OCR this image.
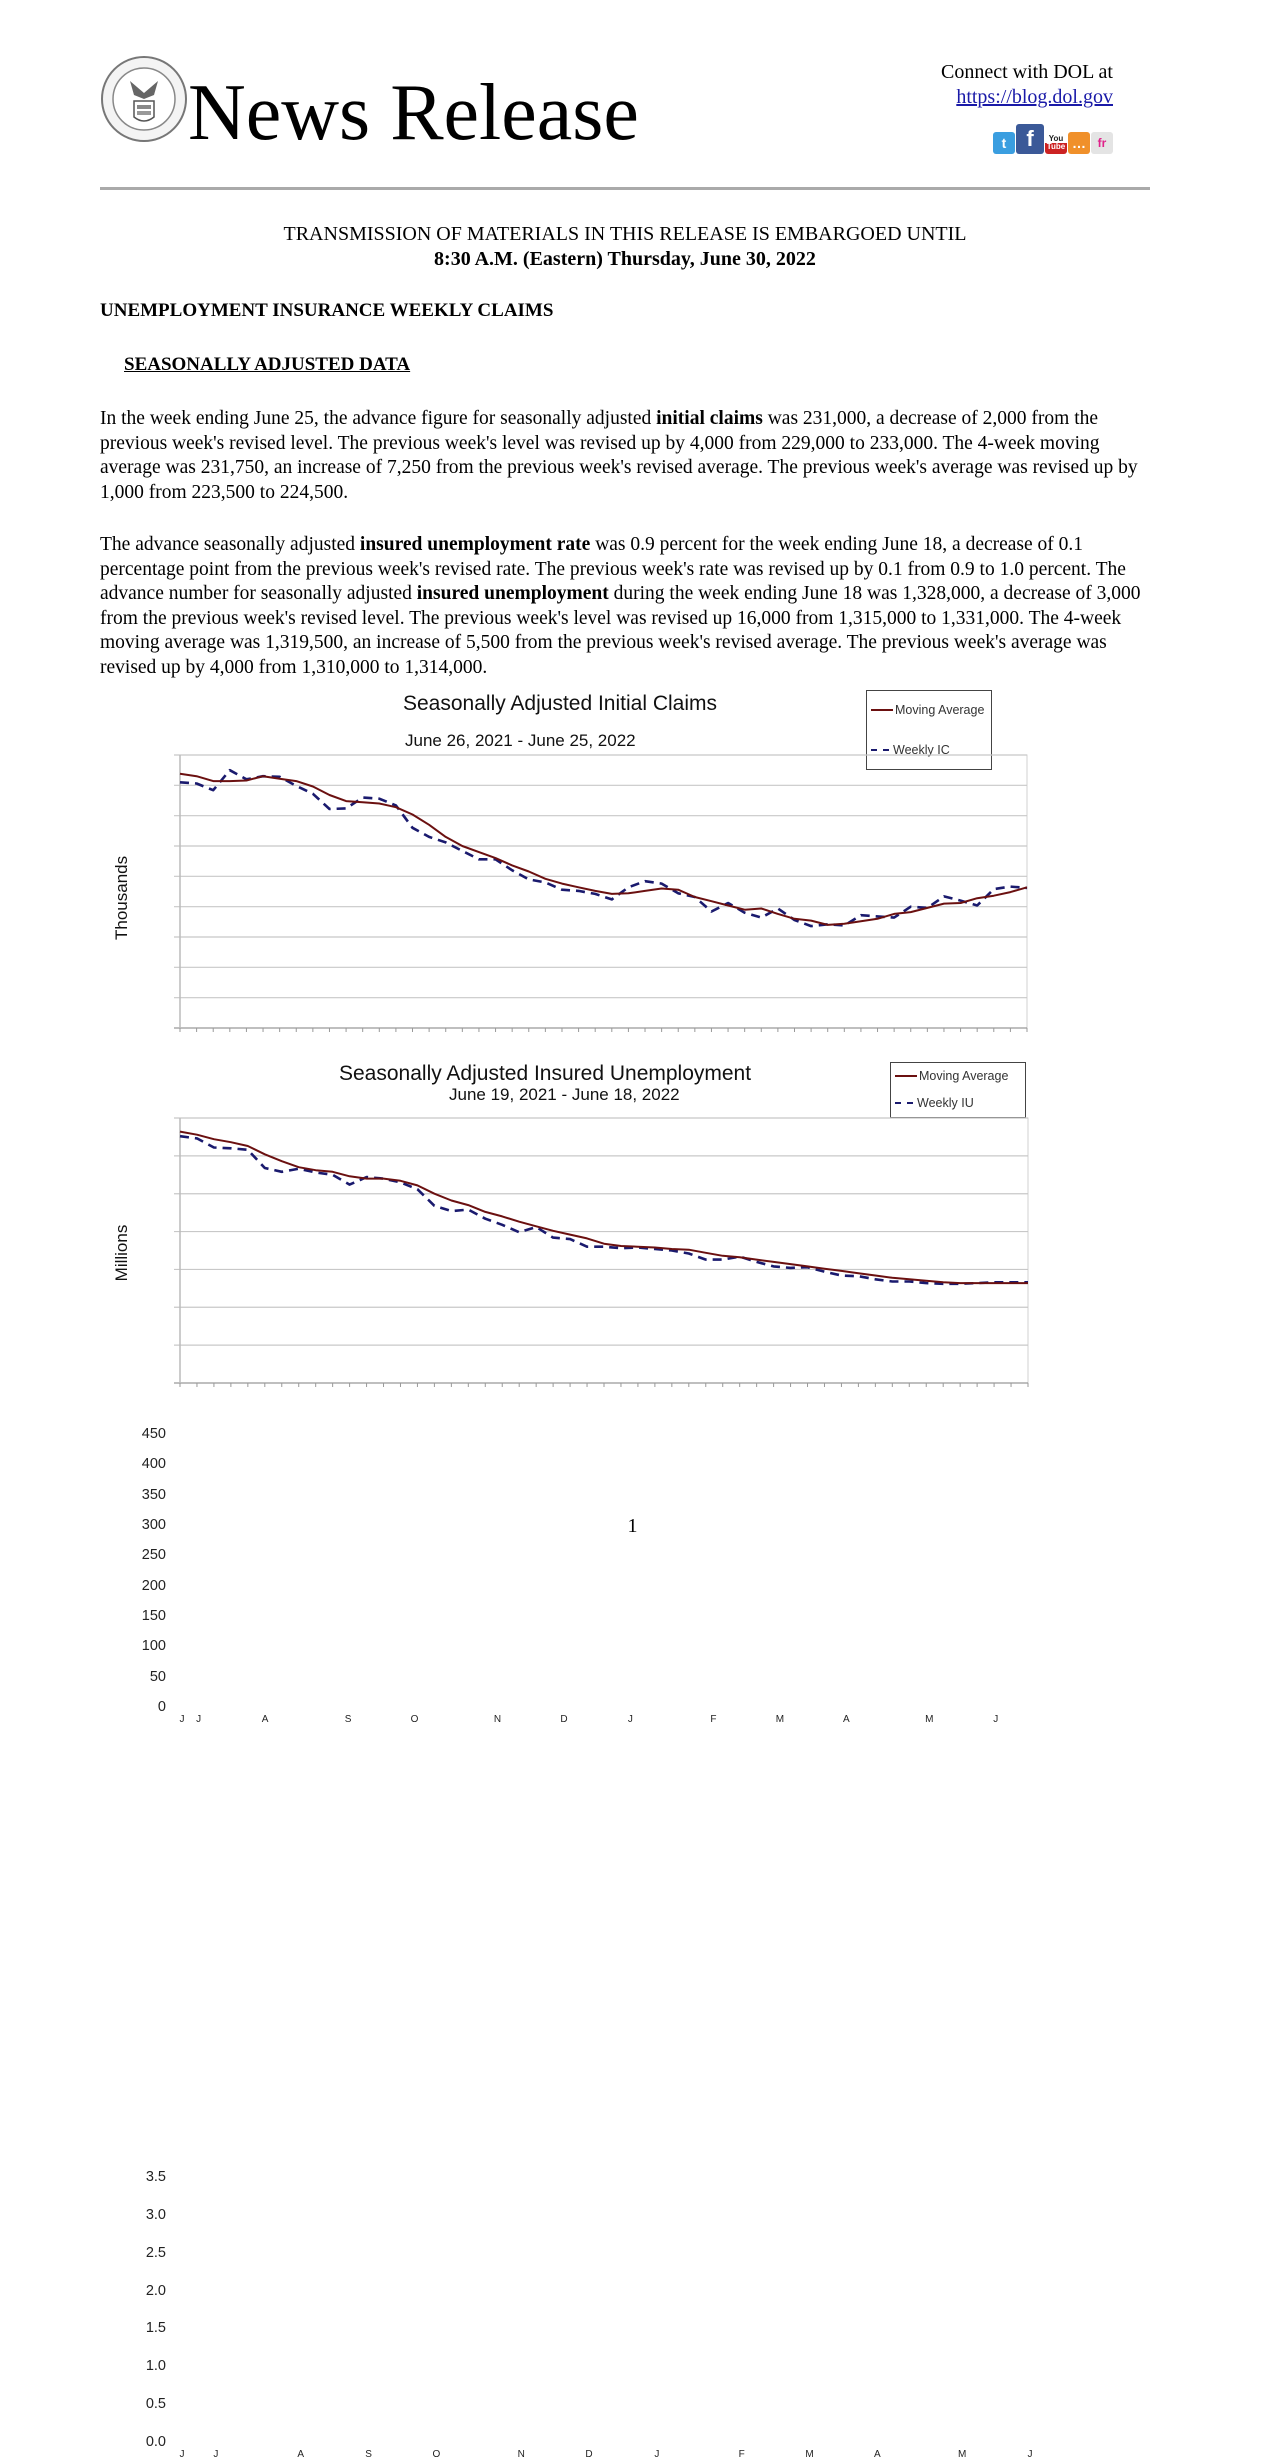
News Release	Connect with DOL at
https://blog.dol.gov
t f	You
Tube … fr
TRANSMISSION OF MATERIALS IN THIS RELEASE IS EMBARGOED UNTIL
8:30 A.M. (Eastern) Thursday, June 30, 2022
UNEMPLOYMENT INSURANCE WEEKLY CLAIMS
SEASONALLY ADJUSTED DATA
In the week ending June 25, the advance figure for seasonally adjusted initial claims was 231,000, a decrease of 2,000 from the previous week's revised level. The previous week's level was revised up by 4,000 from 229,000 to 233,000. The 4-week moving average was 231,750, an increase of 7,250 from the previous week's revised average. The previous week's average was revised up by 1,000 from 223,500 to 224,500.
The advance seasonally adjusted insured unemployment rate was 0.9 percent for the week ending June 18, a decrease of 0.1 percentage point from the previous week's revised rate. The previous week's rate was revised up by 0.1 from 0.9 to 1.0 percent. The advance number for seasonally adjusted insured unemployment during the week ending June 18 was 1,328,000, a decrease of 3,000 from the previous week's revised level. The previous week's level was revised up 16,000 from 1,315,000 to 1,331,000. The 4-week moving average was 1,319,500, an increase of 5,500 from the previous week's revised average. The previous week's average was revised up by 4,000 from 1,310,000 to 1,314,000.
Seasonally Adjusted Initial Claims
June 26, 2021 - June 25, 2022
Thousands
Moving Average
Weekly IC
0
50
100
150
200
250
300
350
400
450
J	J	A	S	O	N	D	J	F	M	A	M	J
Seasonally Adjusted Insured Unemployment
June 19, 2021 - June 18, 2022
Millions
Moving Average
Weekly IU
0.0
0.5
1.0
1.5
2.0
2.5
3.0
3.5
J	J	A	S	O	N	D	J	F	M	A	M	J
1
